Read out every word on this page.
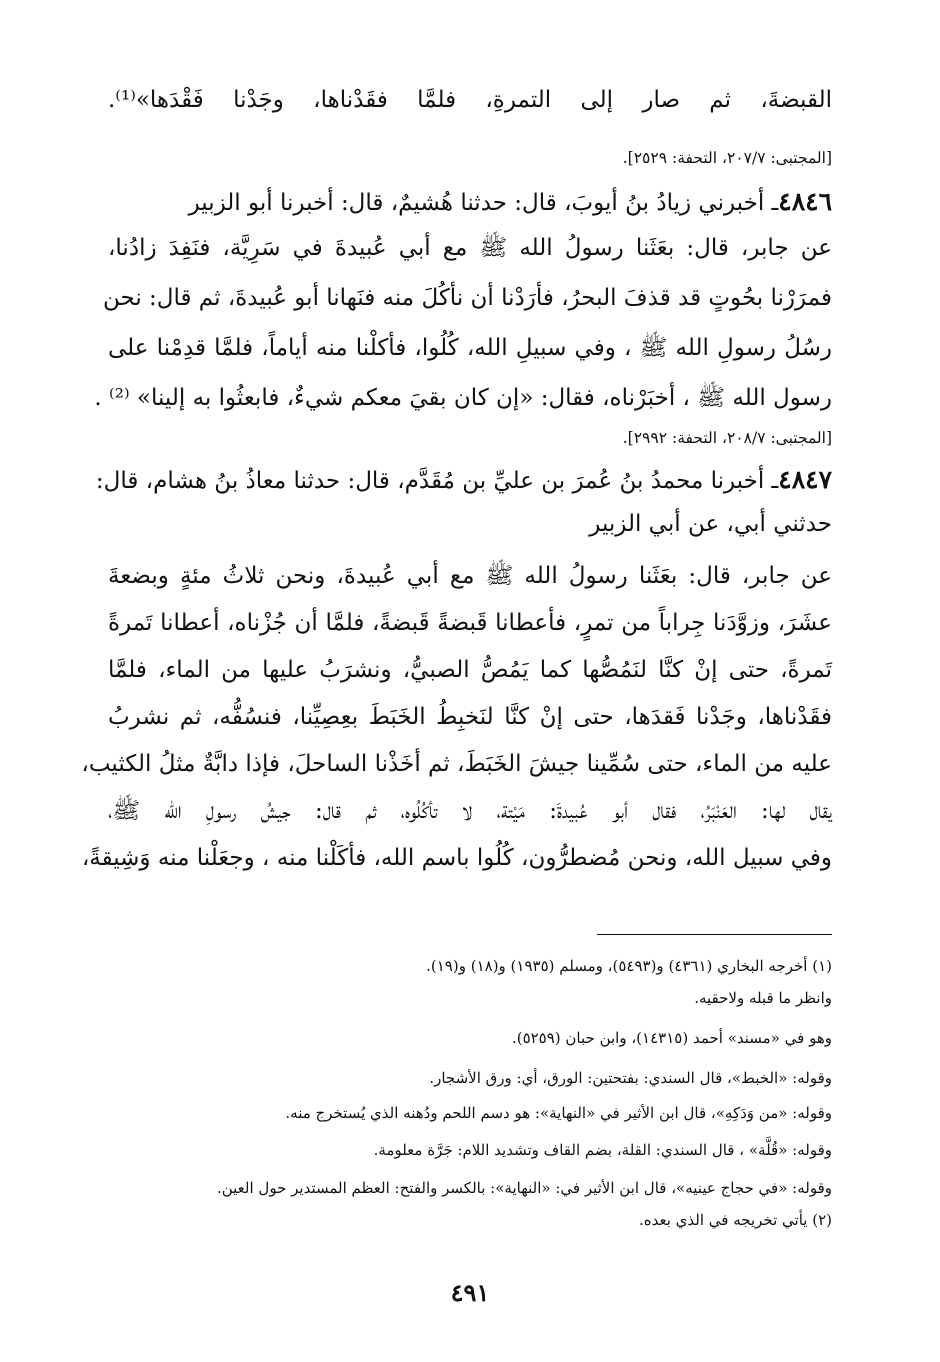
القبضةَ، ثم صار إلى التمرةِ، فلمَّا فقَدْناها، وجَدْنا فَقْدَها»⁽¹⁾.
[المجتبى: ٢٠٧/٧، التحفة: ٢٥٢٩].
٤٨٤٦ـ أخبرني زيادُ بنُ أيوبَ، قال: حدثنا هُشيمٌ، قال: أخبرنا أبو الزبير
عن جابر، قال: بعَثَنا رسولُ الله ﷺ مع أبي عُبيدةَ في سَرِيَّة، فنَفِدَ زادُنا،
فمرَرْنا بحُوتٍ قد قذفَ البحرُ، فأرَدْنا أن نأكُلَ منه فنَهانا أبو عُبيدةَ، ثم قال: نحن
رسُلُ رسولِ الله ﷺ ، وفي سبيلِ الله، كُلُوا، فأكلْنا منه أياماً، فلمَّا قدِمْنا على
رسول الله ﷺ ، أخبَرْناه، فقال: «إن كان بقيَ معكم شيءٌ، فابعثُوا به إلينا» ⁽²⁾ .
[المجتبى: ٢٠٨/٧، التحفة: ٢٩٩٢].
٤٨٤٧ـ أخبرنا محمدُ بنُ عُمرَ بن عليِّ بن مُقَدَّم، قال: حدثنا معاذُ بنُ هشام، قال:
حدثني أبي، عن أبي الزبير
عن جابر، قال: بعَثَنا رسولُ الله ﷺ مع أبي عُبيدةَ، ونحن ثلاثُ مئةٍ وبضعةَ
عشَرَ، وزوَّدَنا جِراباً من تمرٍ، فأعطانا قَبضةً قَبضةً، فلمَّا أن جُزْناه، أعطانا تَمرةً
تَمرةً، حتى إنْ كنَّا لنَمُصُّها كما يَمُصُّ الصبيُّ، ونشرَبُ عليها من الماء، فلمَّا
فقَدْناها، وجَدْنا فَقدَها، حتى إنْ كنَّا لنَخبِطُ الخَبَطَ بعِصِيِّنا، فنسُفُّه، ثم نشربُ
عليه من الماء، حتى سُمِّينا جيشَ الخَبَطَ، ثم أخَذْنا الساحلَ، فإذا دابَّةٌ مثلُ الكثيب،
يقال لها: العَنْبَرُ، فقال أبو عُبيدةَ: مَيْتة، لا تأكُلُوه، ثم قال: جيشُ رسولِ الله ﷺ،
وفي سبيل الله، ونحن مُضطرُّون، كُلُوا باسم الله، فأكَلْنا منه ، وجعَلْنا منه وَشِيقةً،
(١) أخرجه البخاري (٤٣٦١) و(٥٤٩٣)، ومسلم (١٩٣٥) و(١٨) و(١٩).
وانظر ما قبله ولاحقيه.
وهو في «مسند» أحمد (١٤٣١٥)، وابن حبان (٥٢٥٩).
وقوله: «الخبط»، قال السندي: بفتحتين: الورق، أي: ورق الأشجار.
وقوله: «من وَدَكِهِ»، قال ابن الأثير في «النهاية»: هو دسم اللحم ودُهنه الذي يُستخرج منه.
وقوله: «قُلَّة» ، قال السندي: القلة، بضم القاف وتشديد اللام: جَرَّة معلومة.
وقوله: «في حجاج عينيه»، قال ابن الأثير في: «النهاية»: بالكسر والفتح: العظم المستدير حول العين.
(٢) يأتي تخريجه في الذي بعده.
٤٩١
